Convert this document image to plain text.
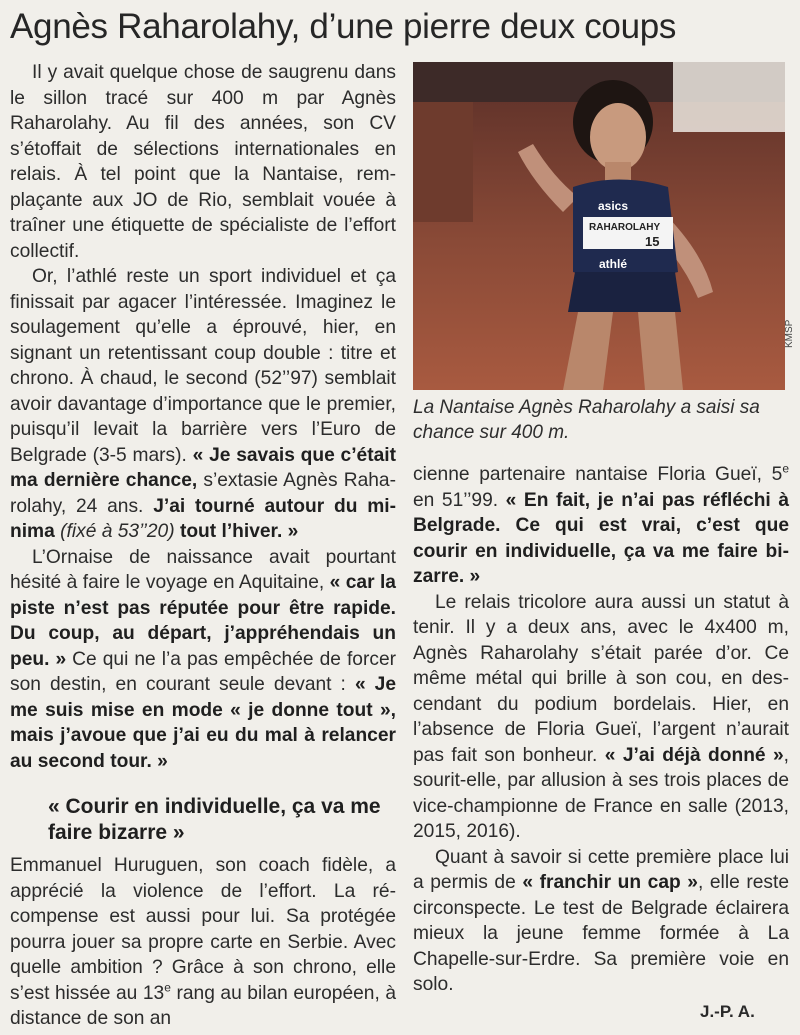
Agnès Raharolahy, d’une pierre deux coups

Il y avait quelque chose de saugrenu dans le sillon tracé sur 400 m par Agnès Raharolahy. Au fil des années, son CV s’étoffait de sélections internationales en relais. À tel point que la Nantaise, remplaçante aux JO de Rio, semblait vouée à traîner une étiquette de spécialiste de l’effort collectif.

Or, l’athlé reste un sport individuel et ça finissait par agacer l’intéressée. Imaginez le soulagement qu’elle a éprouvé, hier, en signant un retentissant coup double : titre et chrono. À chaud, le second (52’’97) semblait avoir davantage d’importance que le premier, puisqu’il levait la barrière vers l’Euro de Belgrade (3-5 mars). « Je savais que c’était ma dernière chance, s’extasie Agnès Raharolahy, 24 ans. J’ai tourné autour du minima (fixé à 53’’20) tout l’hiver. »

L’Ornaise de naissance avait pourtant hésité à faire le voyage en Aquitaine, « car la piste n’est pas réputée pour être rapide. Du coup, au départ, j’appréhendais un peu. » Ce qui ne l’a pas empêchée de forcer son destin, en courant seule devant : « Je me suis mise en mode « je donne tout », mais j’avoue que j’ai eu du mal à relancer au second tour. »

« Courir en individuelle, ça va me faire bizarre »

Emmanuel Huruguen, son coach fidèle, a apprécié la violence de l’effort. La récompense est aussi pour lui. Sa protégée pourra jouer sa propre carte en Serbie. Avec quelle ambition ? Grâce à son chrono, elle s’est hissée au 13e rang au bilan européen, à distance de son an

asics
RAHAROLAHY
15
athlé
KMSP
La Nantaise Agnès Raharolahy a saisi sa chance sur 400 m.

cienne partenaire nantaise Floria Gueï, 5e en 51’’99. « En fait, je n’ai pas réfléchi à Belgrade. Ce qui est vrai, c’est que courir en individuelle, ça va me faire bizarre. »

Le relais tricolore aura aussi un statut à tenir. Il y a deux ans, avec le 4x400 m, Agnès Raharolahy s’était parée d’or. Ce même métal qui brille à son cou, en descendant du podium bordelais. Hier, en l’absence de Floria Gueï, l’argent n’aurait pas fait son bonheur. « J’ai déjà donné », sourit-elle, par allusion à ses trois places de vice-championne de France en salle (2013, 2015, 2016).

Quant à savoir si cette première place lui a permis de « franchir un cap », elle reste circonspecte. Le test de Belgrade éclairera mieux la jeune femme formée à La Chapelle-sur-Erdre. Sa première voie en solo.

J.-P. A.
